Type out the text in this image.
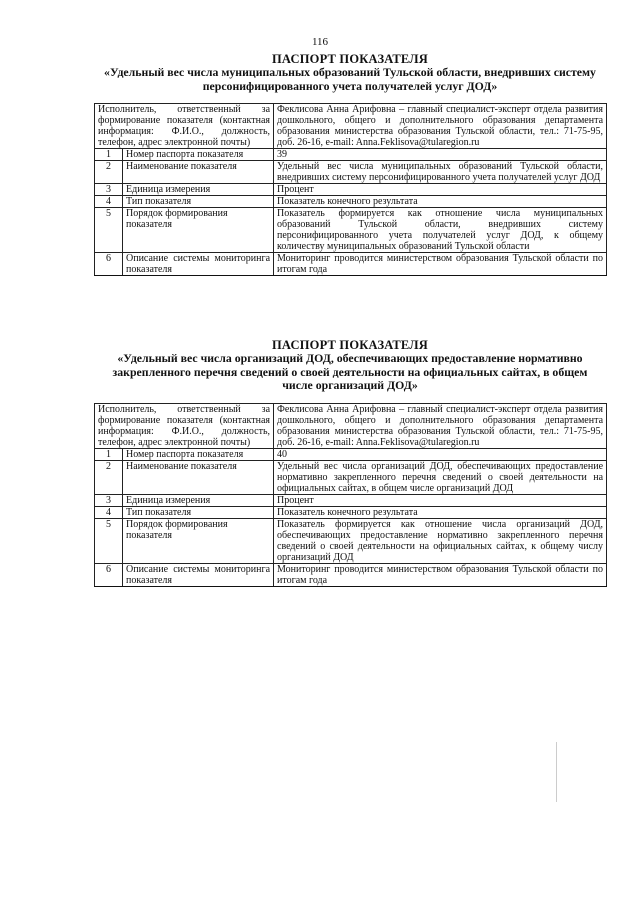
116
ПАСПОРТ ПОКАЗАТЕЛЯ
«Удельный вес числа муниципальных образований Тульской области, внедривших систему персонифицированного учета получателей услуг ДОД»
Исполнитель, ответственный за формирование показателя (контактная информация: Ф.И.О., должность, телефон, адрес электронной почты)		Феклисова Анна Арифовна – главный специалист-эксперт отдела развития дошкольного, общего и дополнительного образования департамента образования министерства образования Тульской области, тел.: 71-75-95, доб. 26-16, e-mail: Anna.Feklisova@tularegion.ru
1	Номер паспорта показателя	39
2	Наименование показателя	Удельный вес числа муниципальных образований Тульской области, внедривших систему персонифицированного учета получателей услуг ДОД
3	Единица измерения	Процент
4	Тип показателя	Показатель конечного результата
5	Порядок формирования показателя	Показатель формируется как отношение числа муниципальных образований Тульской области, внедривших систему персонифицированного учета получателей услуг ДОД, к общему количеству муниципальных образований Тульской области
6	Описание системы мониторинга показателя	Мониторинг проводится министерством образования Тульской области по итогам года
ПАСПОРТ ПОКАЗАТЕЛЯ
«Удельный вес числа организаций ДОД, обеспечивающих предоставление нормативно закрепленного перечня сведений о своей деятельности на официальных сайтах, в общем числе организаций ДОД»
Исполнитель, ответственный за формирование показателя (контактная информация: Ф.И.О., должность, телефон, адрес электронной почты)		Феклисова Анна Арифовна – главный специалист-эксперт отдела развития дошкольного, общего и дополнительного образования департамента образования министерства образования Тульской области, тел.: 71-75-95, доб. 26-16, e-mail: Anna.Feklisova@tularegion.ru
1	Номер паспорта показателя	40
2	Наименование показателя	Удельный вес числа организаций ДОД, обеспечивающих предоставление нормативно закрепленного перечня сведений о своей деятельности на официальных сайтах, в общем числе организаций ДОД
3	Единица измерения	Процент
4	Тип показателя	Показатель конечного результата
5	Порядок формирования показателя	Показатель формируется как отношение числа организаций ДОД, обеспечивающих предоставление нормативно закрепленного перечня сведений о своей деятельности на официальных сайтах, к общему числу организаций ДОД
6	Описание системы мониторинга показателя	Мониторинг проводится министерством образования Тульской области по итогам года
